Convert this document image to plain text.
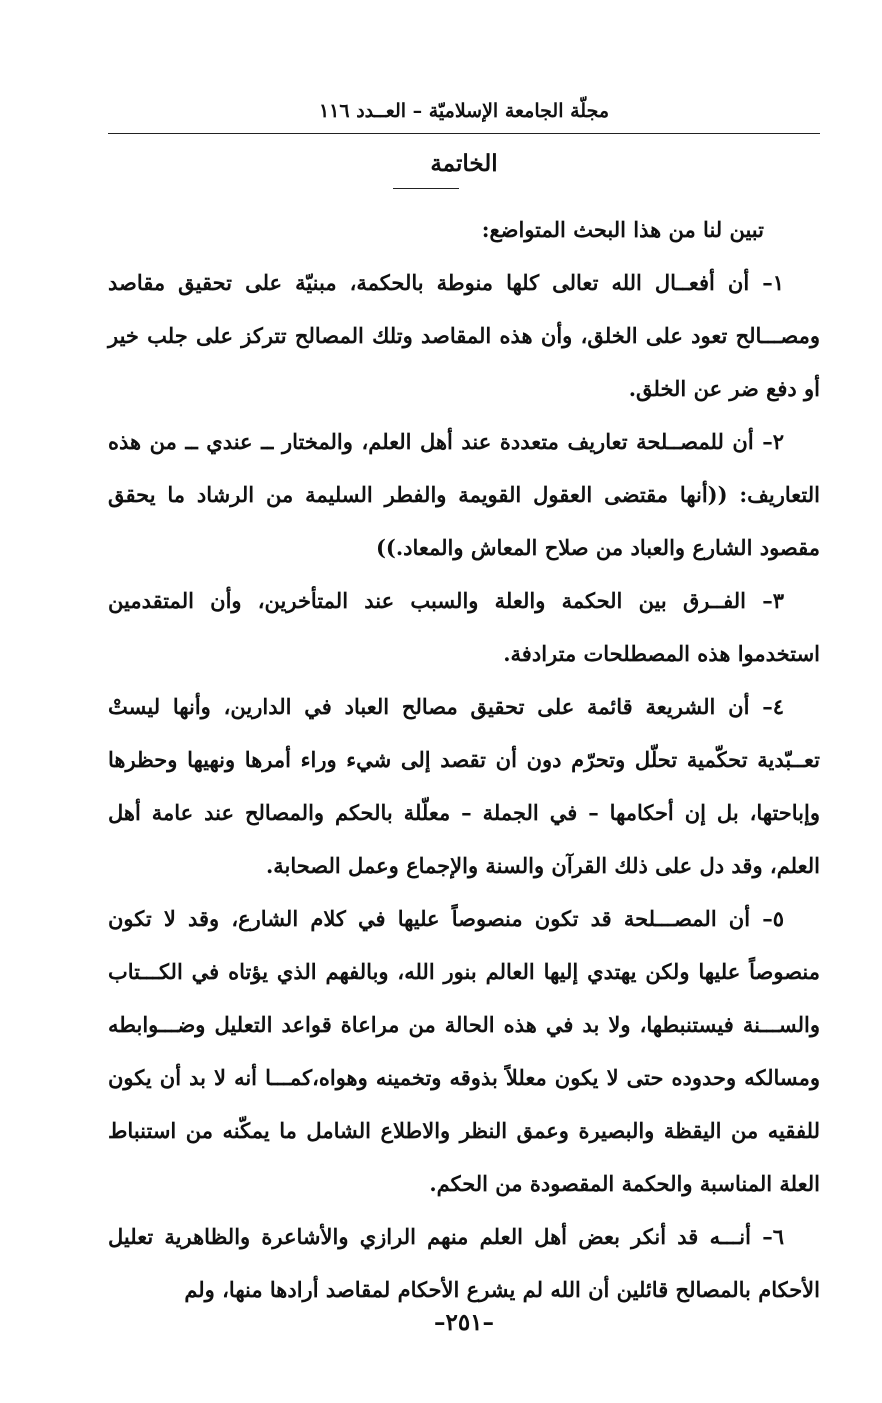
مجلّة الجامعة الإسلاميّة – العــدد ١١٦
الخاتمة

تبين لنا من هذا البحث المتواضع:

١– أن أفعــال الله تعالى كلها منوطة بالحكمة، مبنيّة على تحقيق مقاصد ومصـــالح تعود على الخلق، وأن هذه المقاصد وتلك المصالح تتركز على جلب خير أو دفع ضر عن الخلق.

٢– أن للمصــلحة تعاريف متعددة عند أهل العلم، والمختار ــ عندي ــ من هذه التعاريف: ((أنها مقتضى العقول القويمة والفطر السليمة من الرشاد ما يحقق مقصود الشارع والعباد من صلاح المعاش والمعاد.))

٣– الفــرق بين الحكمة والعلة والسبب عند المتأخرين، وأن المتقدمين استخدموا هذه المصطلحات مترادفة.

٤– أن الشريعة قائمة على تحقيق مصالح العباد في الدارين، وأنها ليستْ تعــبّدية تحكّمية تحلّل وتحرّم دون أن تقصد إلى شيء وراء أمرها ونهيها وحظرها وإباحتها، بل إن أحكامها – في الجملة – معلّلة بالحكم والمصالح عند عامة أهل العلم، وقد دل على ذلك القرآن والسنة والإجماع وعمل الصحابة.

٥– أن المصـــلحة قد تكون منصوصاً عليها في كلام الشارع، وقد لا تكون منصوصاً عليها ولكن يهتدي إليها العالم بنور الله، وبالفهم الذي يؤتاه في الكـــتاب والســـنة فيستنبطها، ولا بد في هذه الحالة من مراعاة قواعد التعليل وضـــوابطه ومسالكه وحدوده حتى لا يكون معللاً بذوقه وتخمينه وهواه،كمـــا أنه لا بد أن يكون للفقيه من اليقظة والبصيرة وعمق النظر والاطلاع الشامل ما يمكّنه من استنباط العلة المناسبة والحكمة المقصودة من الحكم.

٦– أنـــه قد أنكر بعض أهل العلم منهم الرازي والأشاعرة والظاهرية تعليل الأحكام بالمصالح قائلين أن الله لم يشرع الأحكام لمقاصد أرادها منها، ولم

–٢٥١–
